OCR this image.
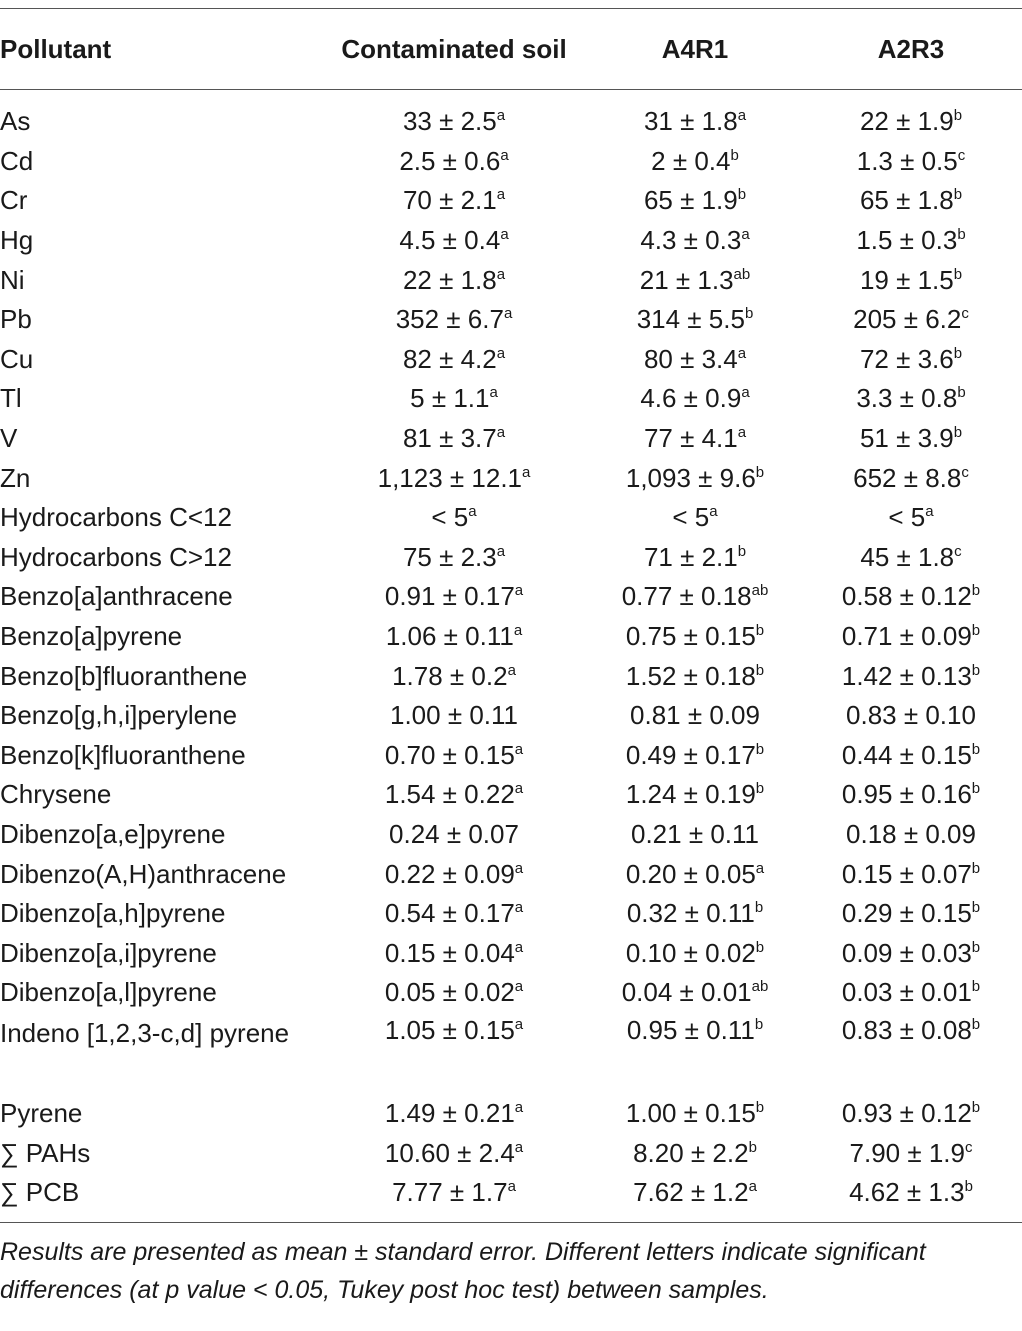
Pollutant	Contaminated soil	A4R1	A2R3
As	33 ± 2.5$^a$	31 ± 1.8$^a$	22 ± 1.9$^b$
Cd	2.5 ± 0.6$^a$	2 ± 0.4$^b$	1.3 ± 0.5$^c$
Cr	70 ± 2.1$^a$	65 ± 1.9$^b$	65 ± 1.8$^b$
Hg	4.5 ± 0.4$^a$	4.3 ± 0.3$^a$	1.5 ± 0.3$^b$
Ni	22 ± 1.8$^a$	21 ± 1.3$^{ab}$	19 ± 1.5$^b$
Pb	352 ± 6.7$^a$	314 ± 5.5$^b$	205 ± 6.2$^c$
Cu	82 ± 4.2$^a$	80 ± 3.4$^a$	72 ± 3.6$^b$
Tl	5 ± 1.1$^a$	4.6 ± 0.9$^a$	3.3 ± 0.8$^b$
V	81 ± 3.7$^a$	77 ± 4.1$^a$	51 ± 3.9$^b$
Zn	1,123 ± 12.1$^a$	1,093 ± 9.6$^b$	652 ± 8.8$^c$
Hydrocarbons C<12	< $5^a$	< $5^a$	< $5^a$
Hydrocarbons C>12	75 ± 2.3$^a$	71 ± 2.1$^b$	45 ± 1.8$^c$
Benzo[a]anthracene	0.91 ± 0.17$^a$	0.77 ± 0.18$^{ab}$	0.58 ± 0.12$^b$
Benzo[a]pyrene	1.06 ± 0.11$^a$	0.75 ± 0.15$^b$	0.71 ± 0.09$^b$
Benzo[b]fluoranthene	1.78 ± 0.2$^a$	1.52 ± 0.18$^b$	1.42 ± 0.13$^b$
Benzo[g,h,i]perylene	1.00 ± 0.11	0.81 ± 0.09	0.83 ± 0.10
Benzo[k]fluoranthene	0.70 ± 0.15$^a$	0.49 ± 0.17$^b$	0.44 ± 0.15$^b$
Chrysene	1.54 ± 0.22$^a$	1.24 ± 0.19$^b$	0.95 ± 0.16$^b$
Dibenzo[a,e]pyrene	0.24 ± 0.07	0.21 ± 0.11	0.18 ± 0.09
Dibenzo(A,H)anthracene	0.22 ± 0.09$^a$	0.20 ± 0.05$^a$	0.15 ± 0.07$^b$
Dibenzo[a,h]pyrene	0.54 ± 0.17$^a$	0.32 ± 0.11$^b$	0.29 ± 0.15$^b$
Dibenzo[a,i]pyrene	0.15 ± 0.04$^a$	0.10 ± 0.02$^b$	0.09 ± 0.03$^b$
Dibenzo[a,l]pyrene	0.05 ± 0.02$^a$	0.04 ± 0.01$^{ab}$	0.03 ± 0.01$^b$
Indeno [1,2,3-c,d] pyrene	1.05 ± 0.15$^a$	0.95 ± 0.11$^b$	0.83 ± 0.08$^b$
Pyrene	1.49 ± 0.21$^a$	1.00 ± 0.15$^b$	0.93 ± 0.12$^b$
∑ PAHs	10.60 ± 2.4$^a$	8.20 ± 2.2$^b$	7.90 ± 1.9$^c$
∑ PCB	7.77 ± 1.7$^a$	7.62 ± 1.2$^a$	4.62 ± 1.3$^b$
Results are presented as mean ± standard error. Different letters indicate significant differences (at p value < 0.05, Tukey post hoc test) between samples.
